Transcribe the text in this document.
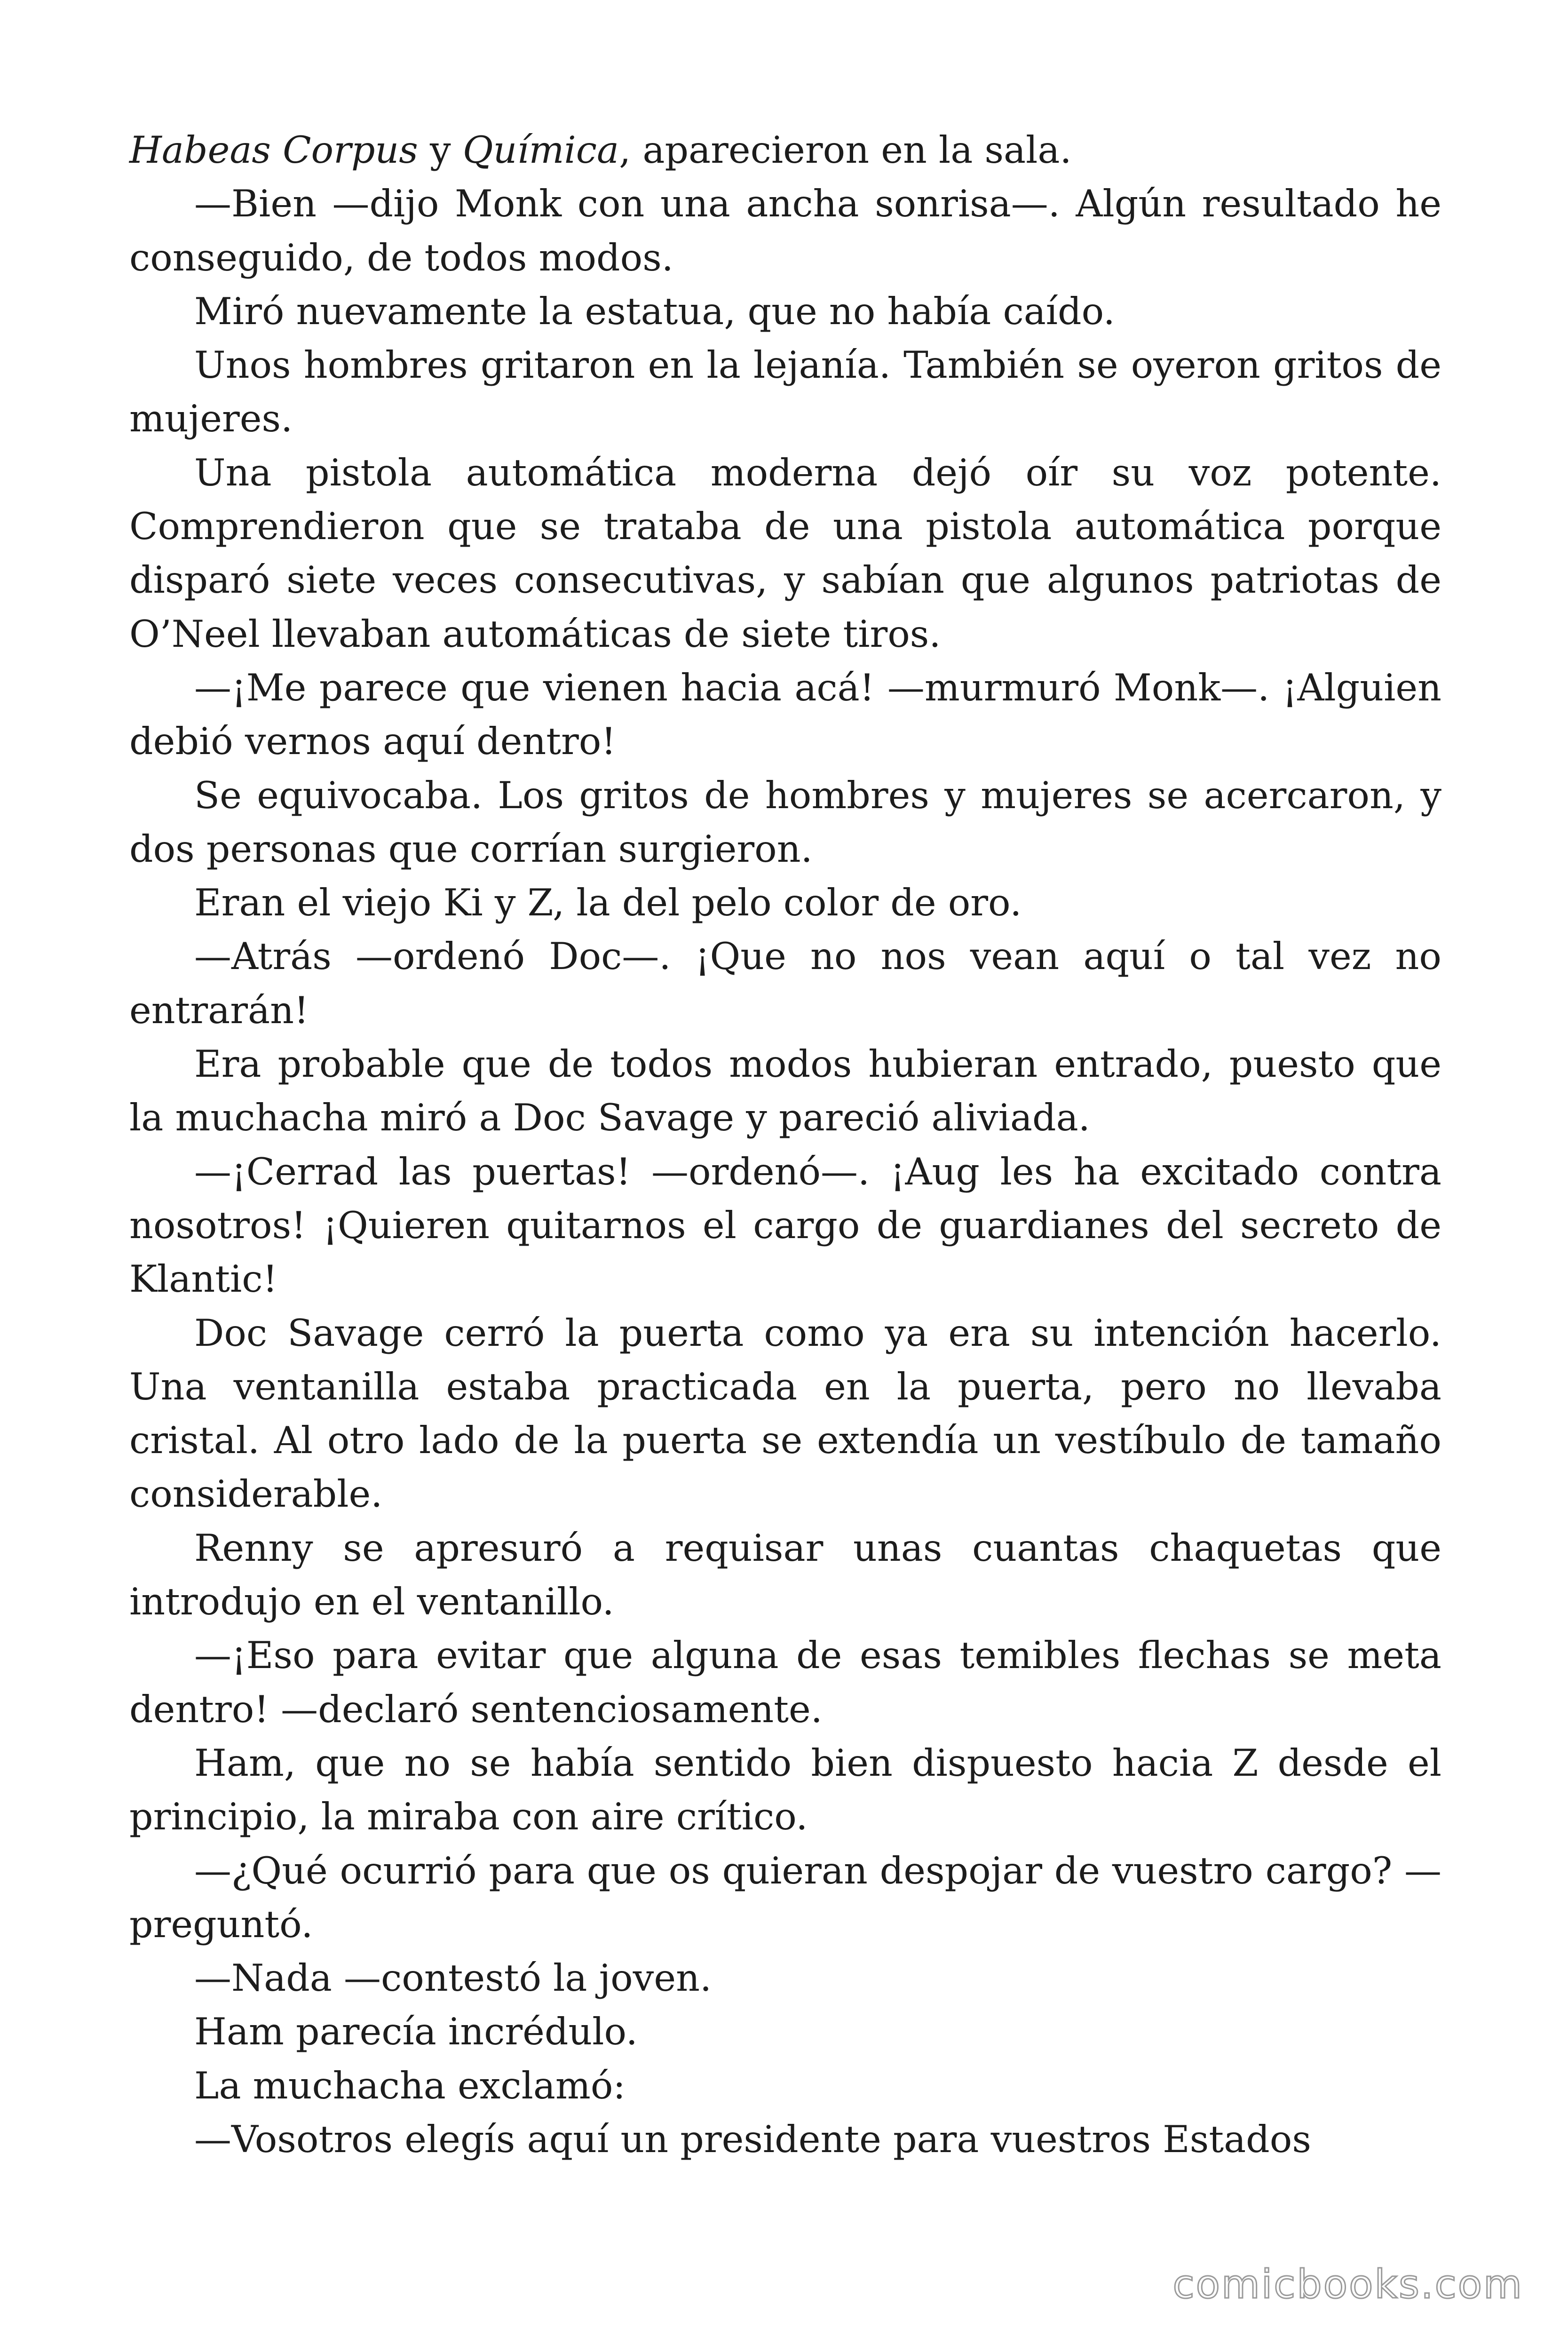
Habeas Corpus y Química, aparecieron en la sala.

—Bien —dijo Monk con una ancha sonrisa—. Algún resultado he conseguido, de todos modos.

Miró nuevamente la estatua, que no había caído.

Unos hombres gritaron en la lejanía. También se oyeron gritos de mujeres.

Una pistola automática moderna dejó oír su voz potente. Comprendieron que se trataba de una pistola automática porque disparó siete veces consecutivas, y sabían que algunos patriotas de O’Neel llevaban automáticas de siete tiros.

—¡Me parece que vienen hacia acá! —murmuró Monk—. ¡Alguien debió vernos aquí dentro!

Se equivocaba. Los gritos de hombres y mujeres se acercaron, y dos personas que corrían surgieron.

Eran el viejo Ki y Z, la del pelo color de oro.

—Atrás —ordenó Doc—. ¡Que no nos vean aquí o tal vez no entrarán!

Era probable que de todos modos hubieran entrado, puesto que la muchacha miró a Doc Savage y pareció aliviada.

—¡Cerrad las puertas! —ordenó—. ¡Aug les ha excitado contra nosotros! ¡Quieren quitarnos el cargo de guardianes del secreto de Klantic!

Doc Savage cerró la puerta como ya era su intención hacerlo. Una ventanilla estaba practicada en la puerta, pero no llevaba cristal. Al otro lado de la puerta se extendía un vestíbulo de tamaño considerable.

Renny se apresuró a requisar unas cuantas chaquetas que introdujo en el ventanillo.

—¡Eso para evitar que alguna de esas temibles flechas se meta dentro! —declaró sentenciosamente.

Ham, que no se había sentido bien dispuesto hacia Z desde el principio, la miraba con aire crítico.

—¿Qué ocurrió para que os quieran despojar de vuestro cargo? —preguntó.

—Nada —contestó la joven.

Ham parecía incrédulo.

La muchacha exclamó:

—Vosotros elegís aquí un presidente para vuestros Estados

comicbooks.com
